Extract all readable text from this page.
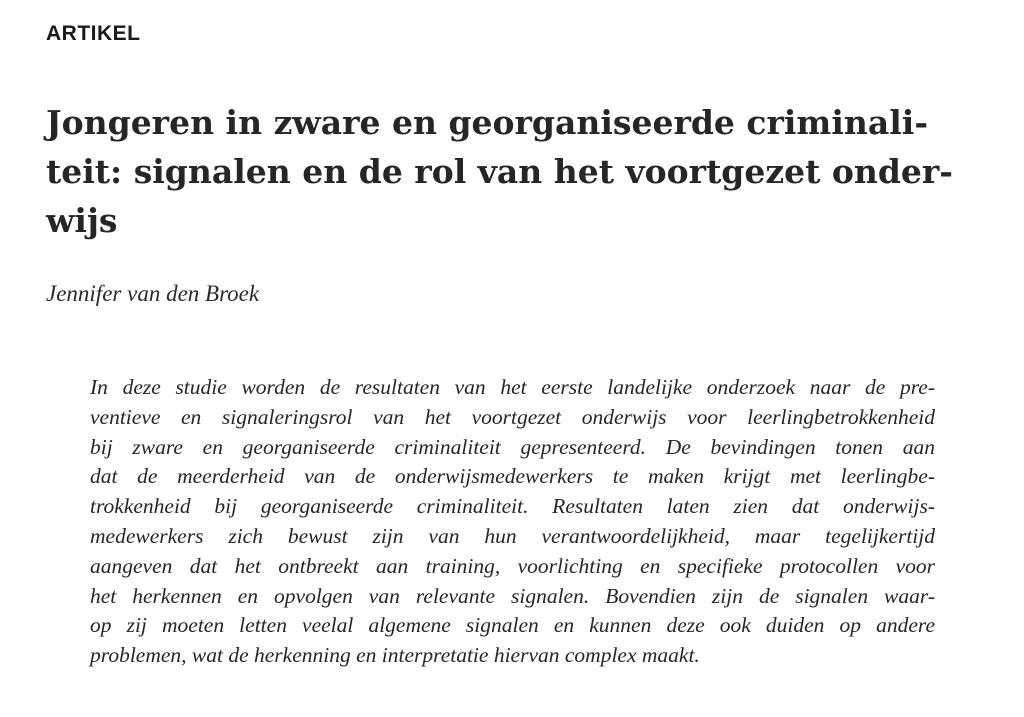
ARTIKEL
Jongeren in zware en georganiseerde criminali-
teit: signalen en de rol van het voortgezet onder-
wijs
Jennifer van den Broek
In deze studie worden de resultaten van het eerste landelijke onderzoek naar de pre-
ventieve en signaleringsrol van het voortgezet onderwijs voor leerlingbetrokkenheid
bij zware en georganiseerde criminaliteit gepresenteerd. De bevindingen tonen aan
dat de meerderheid van de onderwijsmedewerkers te maken krijgt met leerlingbe-
trokkenheid bij georganiseerde criminaliteit. Resultaten laten zien dat onderwijs-
medewerkers zich bewust zijn van hun verantwoordelijkheid, maar tegelijkertijd
aangeven dat het ontbreekt aan training, voorlichting en specifieke protocollen voor
het herkennen en opvolgen van relevante signalen. Bovendien zijn de signalen waar-
op zij moeten letten veelal algemene signalen en kunnen deze ook duiden op andere
problemen, wat de herkenning en interpretatie hiervan complex maakt.
